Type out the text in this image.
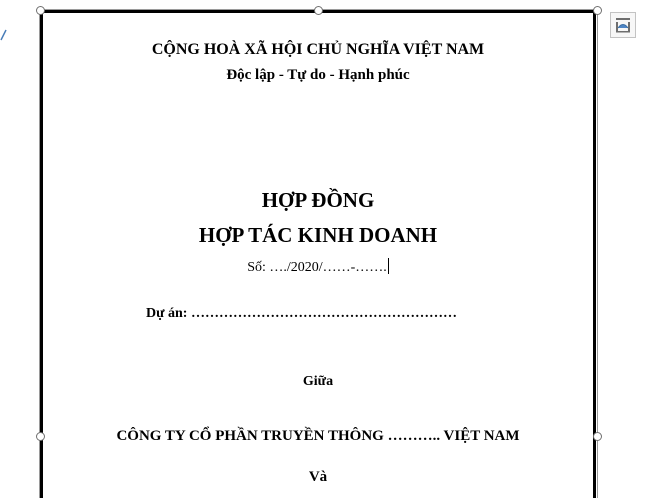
CỘNG HOÀ XÃ HỘI CHỦ NGHĨA VIỆT NAM
Độc lập - Tự do - Hạnh phúc
HỢP ĐỒNG
HỢP TÁC KINH DOANH
Số: …./2020/……-…….
Dự án: …………………………………………………
Giữa
CÔNG TY CỔ PHẦN TRUYỀN THÔNG ……….. VIỆT NAM
Và
